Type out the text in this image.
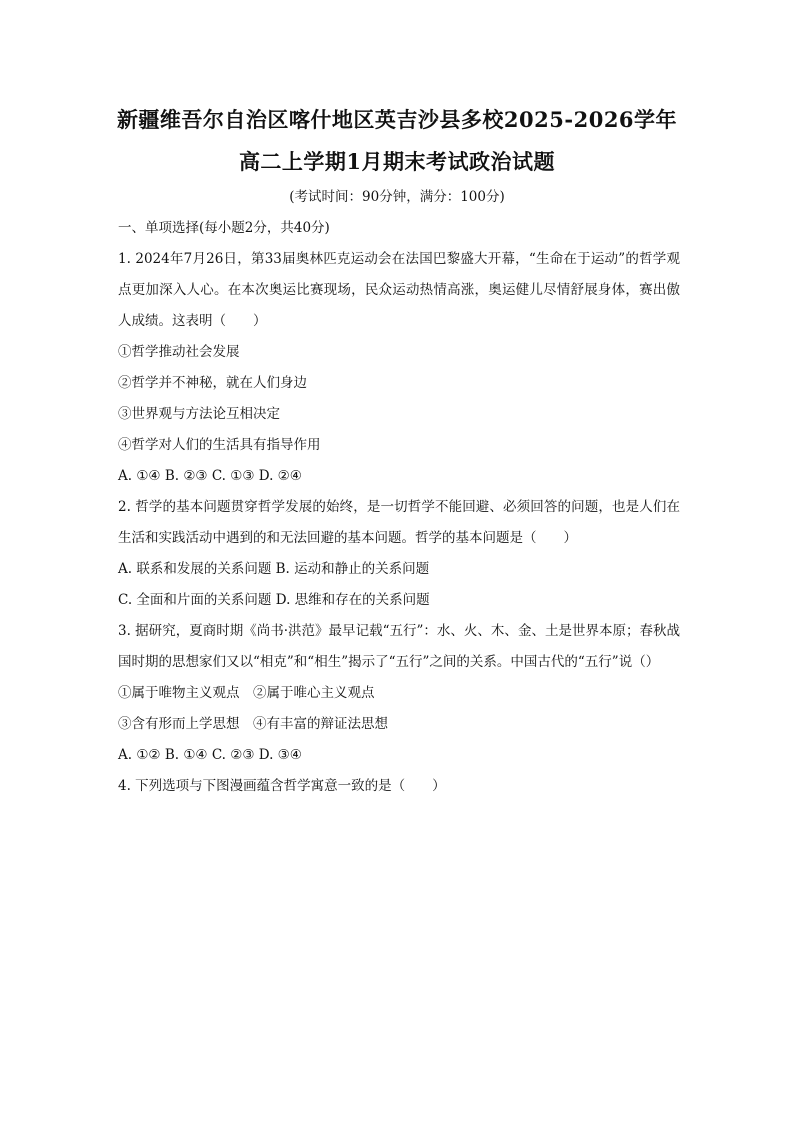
新疆维吾尔自治区喀什地区英吉沙县多校2025-2026学年
高二上学期1月期末考试政治试题
(考试时间：90分钟，满分：100分)
一、单项选择(每小题2分，共40分)
1. 2024年7月26日，第33届奥林匹克运动会在法国巴黎盛大开幕，“生命在于运动”的哲学观点更加深入人心。在本次奥运比赛现场，民众运动热情高涨，奥运健儿尽情舒展身体，赛出傲人成绩。这表明（　　）
①哲学推动社会发展
②哲学并不神秘，就在人们身边
③世界观与方法论互相决定
④哲学对人们的生活具有指导作用
A. ①④ B. ②③ C. ①③ D. ②④
2. 哲学的基本问题贯穿哲学发展的始终，是一切哲学不能回避、必须回答的问题，也是人们在生活和实践活动中遇到的和无法回避的基本问题。哲学的基本问题是（　　）
A. 联系和发展的关系问题 B. 运动和静止的关系问题
C. 全面和片面的关系问题 D. 思维和存在的关系问题
3. 据研究，夏商时期《尚书·洪范》最早记载“五行”：水、火、木、金、土是世界本原；春秋战国时期的思想家们又以“相克”和“相生”揭示了“五行”之间的关系。中国古代的“五行”说（）
①属于唯物主义观点　②属于唯心主义观点
③含有形而上学思想　④有丰富的辩证法思想
A. ①② B. ①④ C. ②③ D. ③④
4. 下列选项与下图漫画蕴含哲学寓意一致的是（　　）
